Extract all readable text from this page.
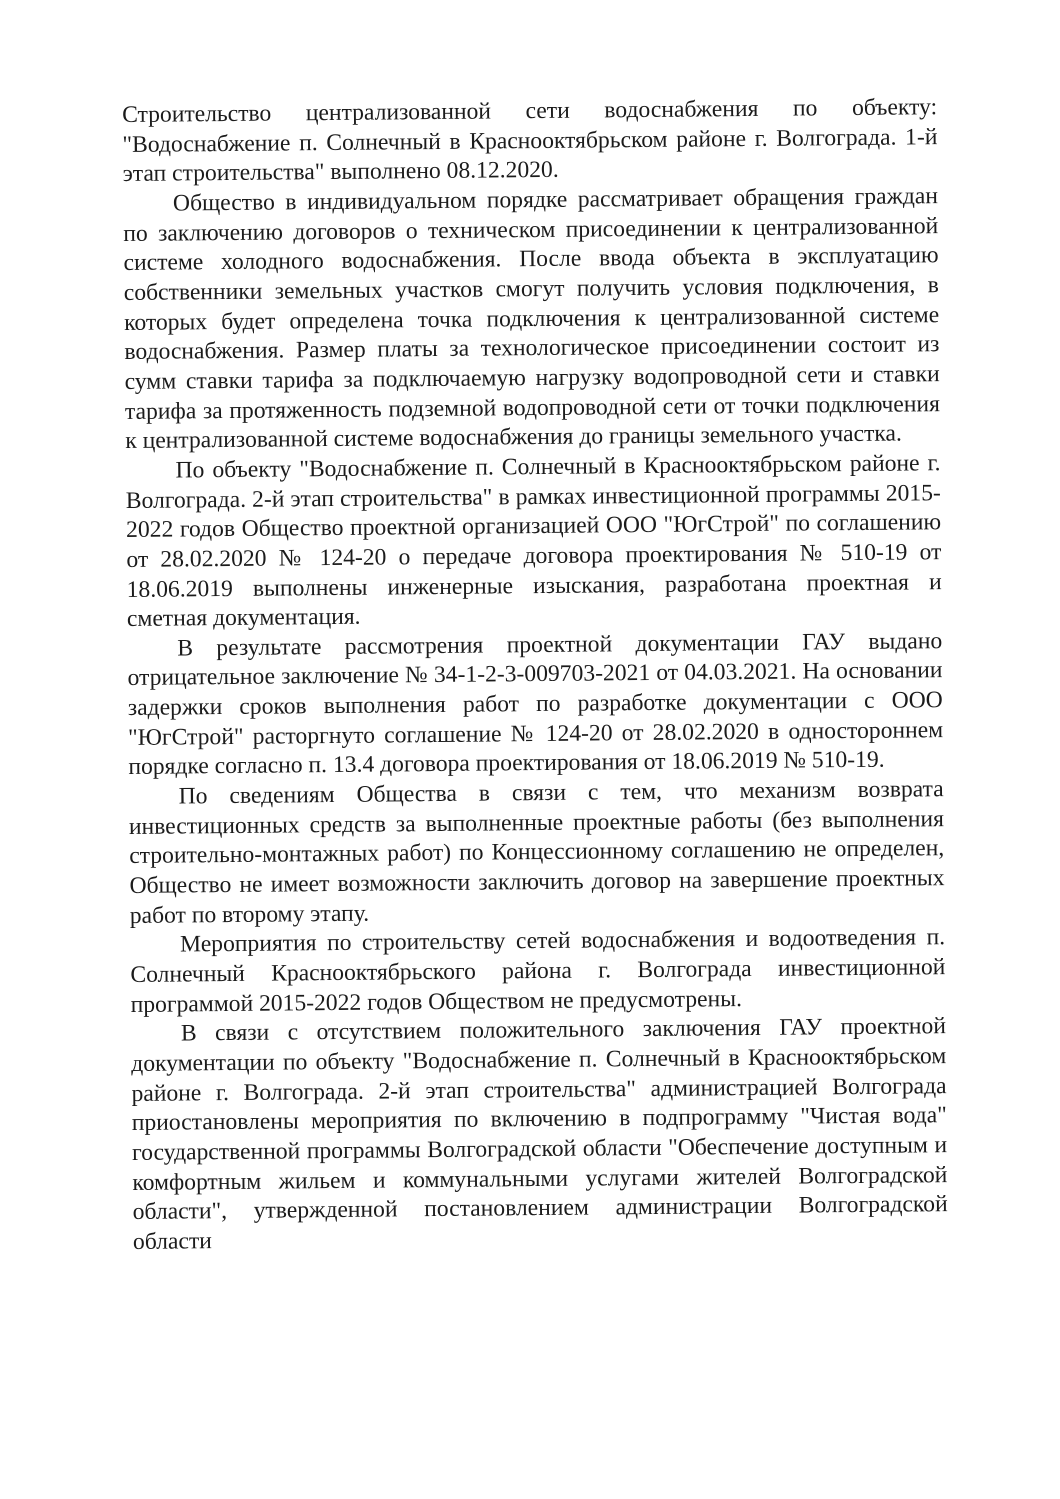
Строительство централизованной сети водоснабжения по объекту: "Водоснабжение п. Солнечный в Краснооктябрьском районе г. Волгограда. 1-й этап строительства" выполнено 08.12.2020.

Общество в индивидуальном порядке рассматривает обращения граждан по заключению договоров о техническом присоединении к централизованной системе холодного водоснабжения. После ввода объекта в эксплуатацию собственники земельных участков смогут получить условия подключения, в которых будет определена точка подключения к централизованной системе водоснабжения. Размер платы за технологическое присоединении состоит из сумм ставки тарифа за подключаемую нагрузку водопроводной сети и ставки тарифа за протяженность подземной водопроводной сети от точки подключения к централизованной системе водоснабжения до границы земельного участка.

По объекту "Водоснабжение п. Солнечный в Краснооктябрьском районе г. Волгограда. 2-й этап строительства" в рамках инвестиционной программы 2015-2022 годов Общество проектной организацией ООО "ЮгСтрой" по соглашению от 28.02.2020 № 124-20 о передаче договора проектирования № 510-19 от 18.06.2019 выполнены инженерные изыскания, разработана проектная и сметная документация.

В результате рассмотрения проектной документации ГАУ выдано отрицательное заключение № 34-1-2-3-009703-2021 от 04.03.2021. На основании задержки сроков выполнения работ по разработке документации с ООО "ЮгСтрой" расторгнуто соглашение № 124-20 от 28.02.2020 в одностороннем порядке согласно п. 13.4 договора проектирования от 18.06.2019 № 510-19.

По сведениям Общества в связи с тем, что механизм возврата инвестиционных средств за выполненные проектные работы (без выполнения строительно-монтажных работ) по Концессионному соглашению не определен, Общество не имеет возможности заключить договор на завершение проектных работ по второму этапу.

Мероприятия по строительству сетей водоснабжения и водоотведения п. Солнечный Краснооктябрьского района г. Волгограда инвестиционной программой 2015-2022 годов Обществом не предусмотрены.

В связи с отсутствием положительного заключения ГАУ проектной документации по объекту "Водоснабжение п. Солнечный в Краснооктябрьском районе г. Волгограда. 2-й этап строительства" администрацией Волгограда приостановлены мероприятия по включению в подпрограмму "Чистая вода" государственной программы Волгоградской области "Обеспечение доступным и комфортным жильем и коммунальными услугами жителей Волгоградской области", утвержденной постановлением администрации Волгоградской области
